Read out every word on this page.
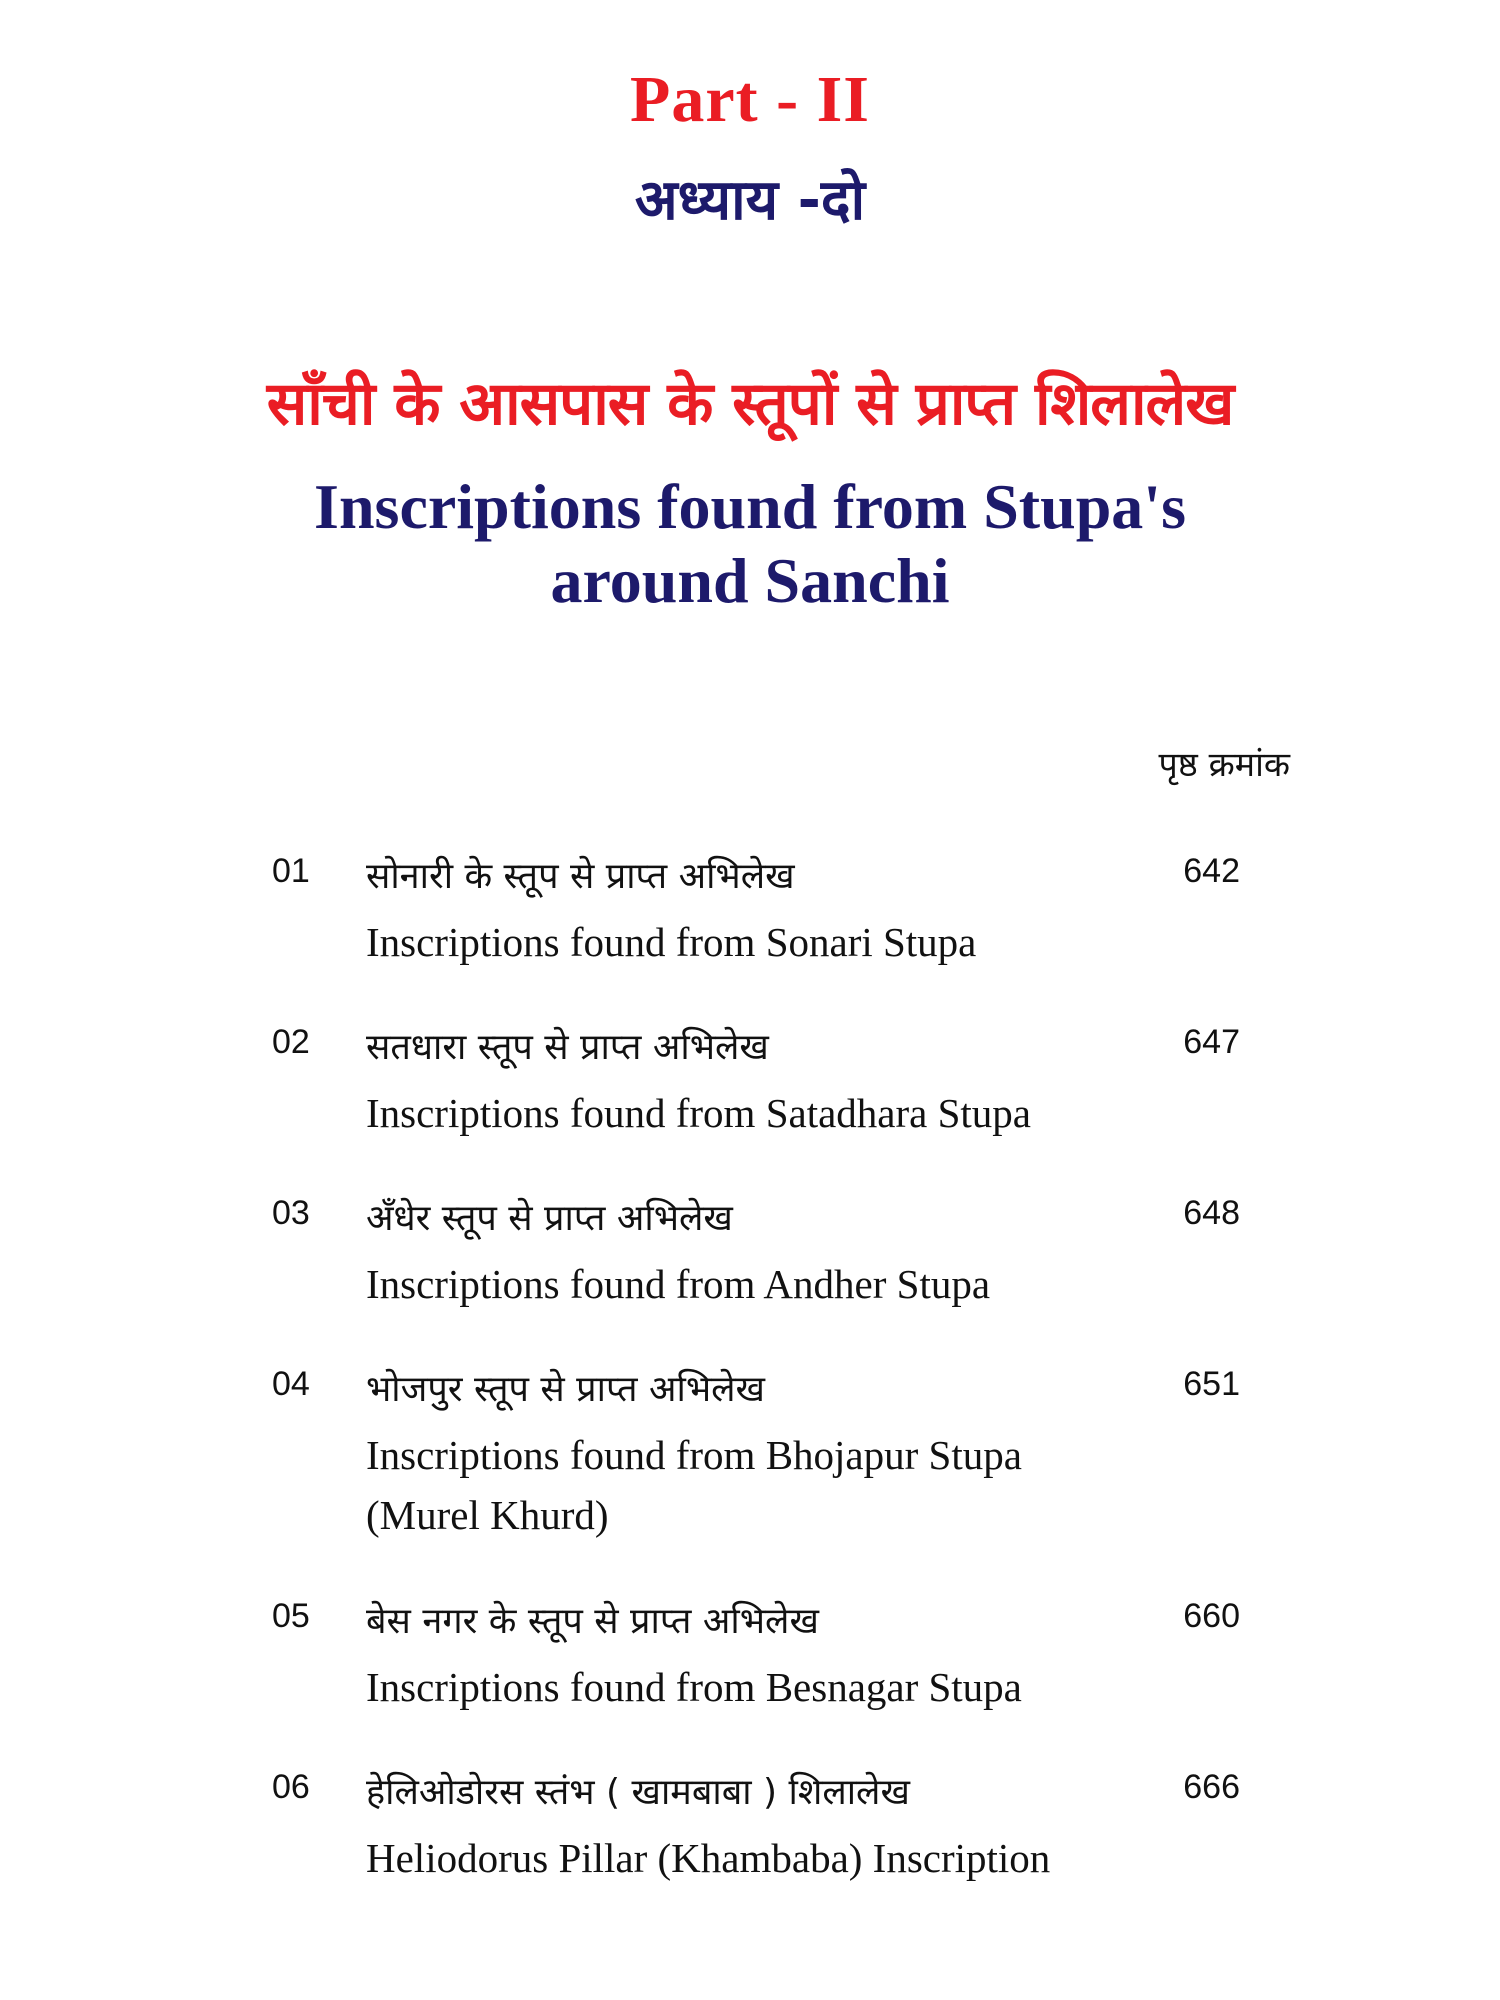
Part - II
अध्याय -दो
साँची के आसपास के स्तूपों से प्राप्त शिलालेख
Inscriptions found from Stupa's
around Sanchi
पृष्ठ क्रमांक
01 सोनारी के स्तूप से प्राप्त अभिलेख
Inscriptions found from Sonari Stupa
642
02 सतधारा स्तूप से प्राप्त अभिलेख
Inscriptions found from Satadhara Stupa
647
03 अँधेर स्तूप से प्राप्त अभिलेख
Inscriptions found from Andher Stupa
648
04 भोजपुर स्तूप से प्राप्त अभिलेख
Inscriptions found from Bhojapur Stupa (Murel Khurd)
651
05 बेस नगर के स्तूप से प्राप्त अभिलेख
Inscriptions found from Besnagar Stupa
660
06 हेलिओडोरस स्तंभ ( खामबाबा ) शिलालेख
Heliodorus Pillar (Khambaba) Inscription
666
